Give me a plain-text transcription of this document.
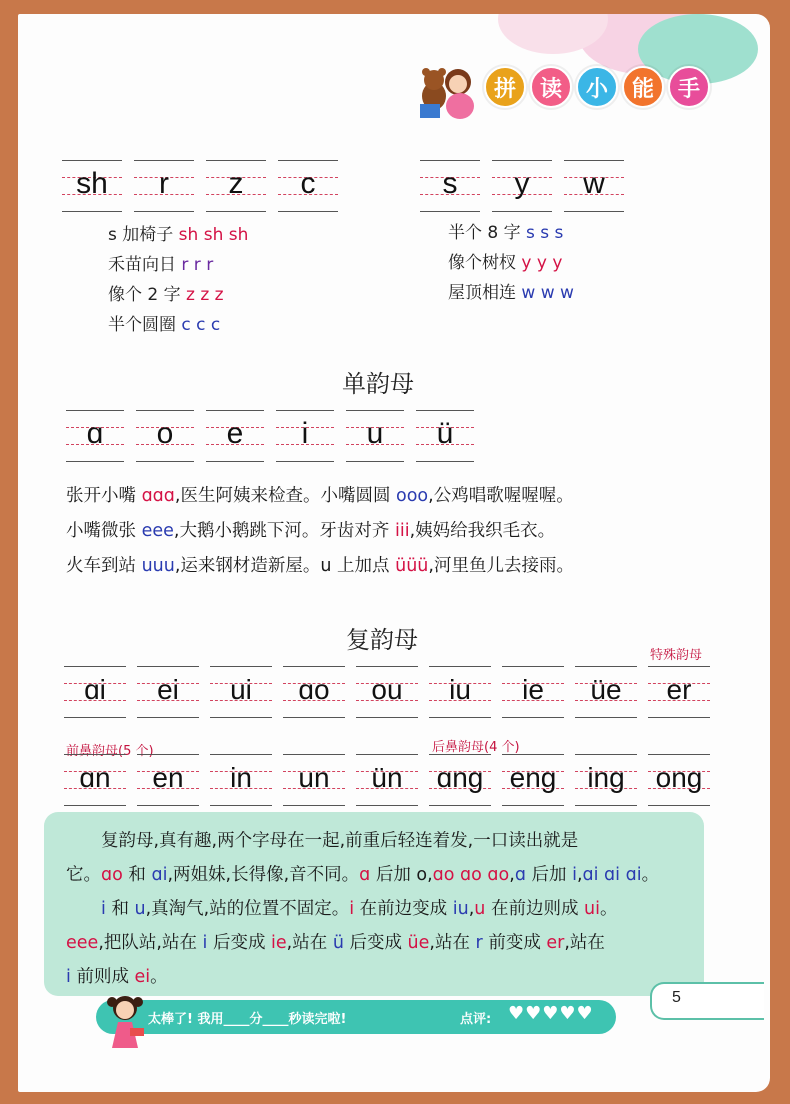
拼	读	小	能	手
sh	r	z	c	s	y	w
s 加椅子 sh sh sh
禾苗向日 r r r
像个 2 字 z z z
半个圆圈 c c c
半个 8 字 s s s
像个树杈 y y y
屋顶相连 w w w
单韵母
ɑ	o	e	i	u	ü
张开小嘴 ɑɑɑ,医生阿姨来检查。小嘴圆圆 ooo,公鸡唱歌喔喔喔。
小嘴微张 eee,大鹅小鹅跳下河。牙齿对齐 iii,姨妈给我织毛衣。
火车到站 uuu,运来钢材造新屋。u 上加点 üüü,河里鱼儿去接雨。
复韵母
特殊韵母
ɑi	ei	ui	ɑo	ou	iu	ie	üe	er
前鼻韵母(5 个)	后鼻韵母(4 个)
ɑn	en	in	un	ün	ɑng eng	ing	ong
　　复韵母,真有趣,两个字母在一起,前重后轻连着发,一口读出就是
它。ɑo 和 ɑi,两姐妹,长得像,音不同。ɑ 后加 o,ɑo ɑo ɑo,ɑ 后加 i,ɑi ɑi ɑi。
　　i 和 u,真淘气,站的位置不固定。i 在前边变成 iu,u 在前边则成 ui。
eee,把队站,站在 i 后变成 ie,站在 ü 后变成 üe,站在 r 前变成 er,站在
i 前则成 ei。
5
太棒了! 我用____分____秒读完啦!	点评: ♥♥♥♥♥
